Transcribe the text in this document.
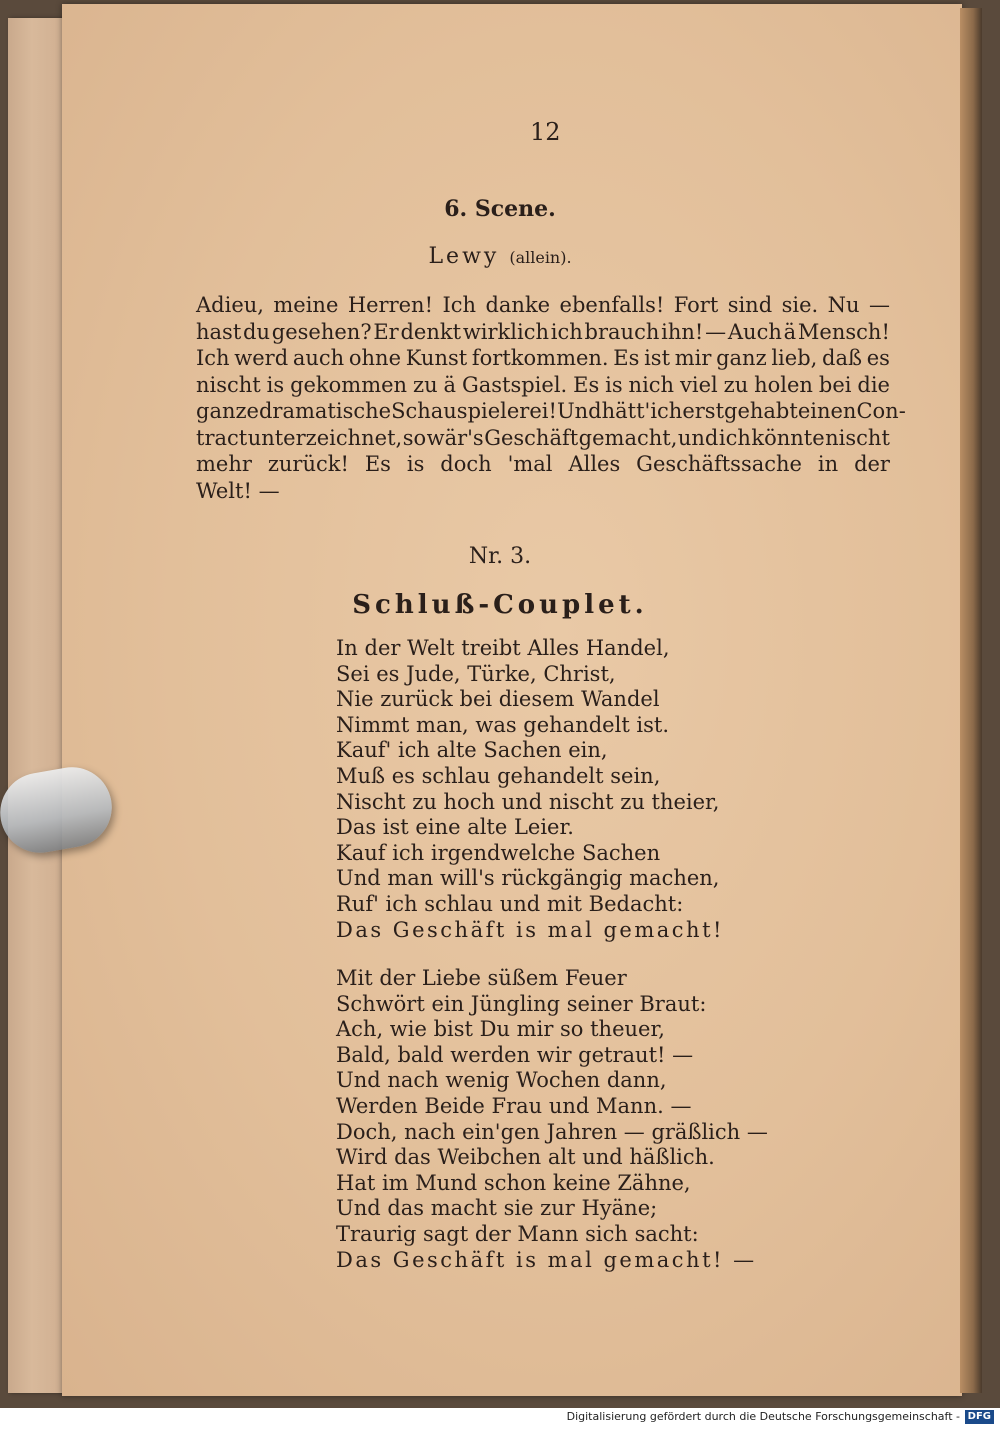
12
6. Scene.
Lewy (allein).
Adieu, meine Herren! Ich danke ebenfalls! Fort sind sie. Nu —
hast du gesehen? Er denkt wirklich ich brauch ihn! — Auch ä Mensch!
Ich werd auch ohne Kunst fortkommen. Es ist mir ganz lieb, daß es
nischt is gekommen zu ä Gastspiel. Es is nich viel zu holen bei die
ganze dramatische Schauspielerei! Und hätt' ich erst gehabt einen Con-
tract unterzeichnet, so wär's Geschäft gemacht, und ich könnte nischt
mehr zurück! Es is doch 'mal Alles Geschäftssache in der
Welt! —
Nr. 3.
Schluß-Couplet.
In der Welt treibt Alles Handel,
Sei es Jude, Türke, Christ,
Nie zurück bei diesem Wandel
Nimmt man, was gehandelt ist.
Kauf' ich alte Sachen ein,
Muß es schlau gehandelt sein,
Nischt zu hoch und nischt zu theier,
Das ist eine alte Leier.
Kauf ich irgendwelche Sachen
Und man will's rückgängig machen,
Ruf' ich schlau und mit Bedacht:
Das Geschäft is mal gemacht!
Mit der Liebe süßem Feuer
Schwört ein Jüngling seiner Braut:
Ach, wie bist Du mir so theuer,
Bald, bald werden wir getraut! —
Und nach wenig Wochen dann,
Werden Beide Frau und Mann. —
Doch, nach ein'gen Jahren — gräßlich —
Wird das Weibchen alt und häßlich.
Hat im Mund schon keine Zähne,
Und das macht sie zur Hyäne;
Traurig sagt der Mann sich sacht:
Das Geschäft is mal gemacht! —
Digitalisierung gefördert durch die Deutsche Forschungsgemeinschaft - DFG
